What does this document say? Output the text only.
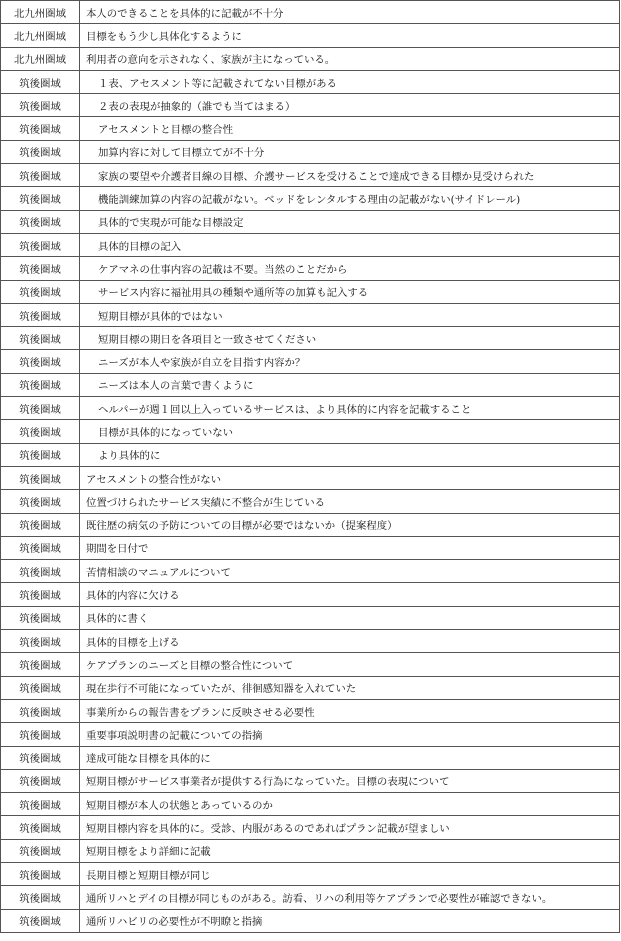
北九州圏域	本人のできることを具体的に記載が不十分
北九州圏域	目標をもう少し具体化するように
北九州圏域	利用者の意向を示されなく、家族が主になっている。
筑後圏域	１表、アセスメント等に記載されてない目標がある
筑後圏域	２表の表現が抽象的（誰でも当てはまる）
筑後圏域	アセスメントと目標の整合性
筑後圏域	加算内容に対して目標立てが不十分
筑後圏域	家族の要望や介護者目線の目標、介護サービスを受けることで達成できる目標か見受けられた
筑後圏域	機能訓練加算の内容の記載がない。ベッドをレンタルする理由の記載がない(サイドレール)
筑後圏域	具体的で実現が可能な目標設定
筑後圏域	具体的目標の記入
筑後圏域	ケアマネの仕事内容の記載は不要。当然のことだから
筑後圏域	サービス内容に福祉用具の種類や通所等の加算も記入する
筑後圏域	短期目標が具体的ではない
筑後圏域	短期目標の期日を各項目と一致させてください
筑後圏域	ニーズが本人や家族が自立を目指す内容か？
筑後圏域	ニーズは本人の言葉で書くように
筑後圏域	ヘルパーが週１回以上入っているサービスは、より具体的に内容を記載すること
筑後圏域	目標が具体的になっていない
筑後圏域	より具体的に
筑後圏域	アセスメントの整合性がない
筑後圏域	位置づけられたサービス実績に不整合が生じている
筑後圏域	既往歴の病気の予防についての目標が必要ではないか（提案程度）
筑後圏域	期間を日付で
筑後圏域	苦情相談のマニュアルについて
筑後圏域	具体的内容に欠ける
筑後圏域	具体的に書く
筑後圏域	具体的目標を上げる
筑後圏域	ケアプランのニーズと目標の整合性について
筑後圏域	現在歩行不可能になっていたが、徘徊感知器を入れていた
筑後圏域	事業所からの報告書をプランに反映させる必要性
筑後圏域	重要事項説明書の記載についての指摘
筑後圏域	達成可能な目標を具体的に
筑後圏域	短期目標がサービス事業者が提供する行為になっていた。目標の表現について
筑後圏域	短期目標が本人の状態とあっているのか
筑後圏域	短期目標内容を具体的に。受診、内服があるのであればプラン記載が望ましい
筑後圏域	短期目標をより詳細に記載
筑後圏域	長期目標と短期目標が同じ
筑後圏域	通所リハとデイの目標が同じものがある。訪看、リハの利用等ケアプランで必要性が確認できない。
筑後圏域	通所リハビリの必要性が不明瞭と指摘
